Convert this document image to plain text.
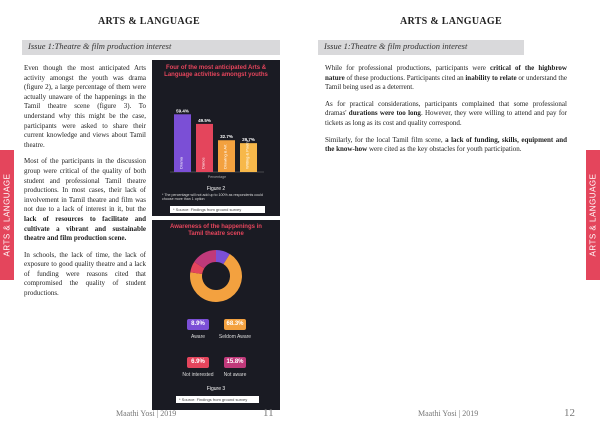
ARTS & LANGUAGE
ARTS & LANGUAGE
Issue 1:Theatre & film production interest

Even though the most anticipated Arts activity amongst the youth was drama (figure 2), a large percentage of them were actually unaware of the happenings in the Tamil theatre scene (figure 3). To understand why this might be the case, participants were asked to share their current knowledge and views about Tamil theatre.

Most of the participants in the discussion group were critical of the quality of both student and professional Tamil theatre productions. In most cases, their lack of involvement in Tamil theatre and film was not due to a lack of interest in it, but the lack of resources to facilitate and cultivate a vibrant and sustainable theatre and film production scene.

In schools, the lack of time, the lack of exposure to good quality theatre and a lack of funding were reasons cited that compromised the quality of student productions.

Four of the most anticipated Arts & Language activities amongst youths
Percentage
59.4%
Drama
49.5%
Dance
32.7%
Drawing & Art
29.7%
Writing & Poetry
Figure 2
* The percentage will not add up to 100% as respondents could choose more than 1 option
* Source: Findings from ground survey
Awareness of the happenings in Tamil theatre scene
8.9%
Aware
68.3%
Seldom Aware
6.9%
Not interested
15.8%
Not aware
Figure 3
* Source: Findings from ground survey
Maathi Yosi | 2019	11
ARTS & LANGUAGE
ARTS & LANGUAGE
Issue 1:Theatre & film production interest

While for professional productions, participants were critical of the highbrow nature of these productions. Participants cited an inability to relate or understand the Tamil being used as a deterrent.

As for practical considerations, participants complained that some professional dramas' durations were too long. However, they were willing to attend and pay for tickets as long as its cost and quality correspond.

Similarly, for the local Tamil film scene, a lack of funding, skills, equipment and the know-how were cited as the key obstacles for youth participation.

Maathi Yosi | 2019	12
